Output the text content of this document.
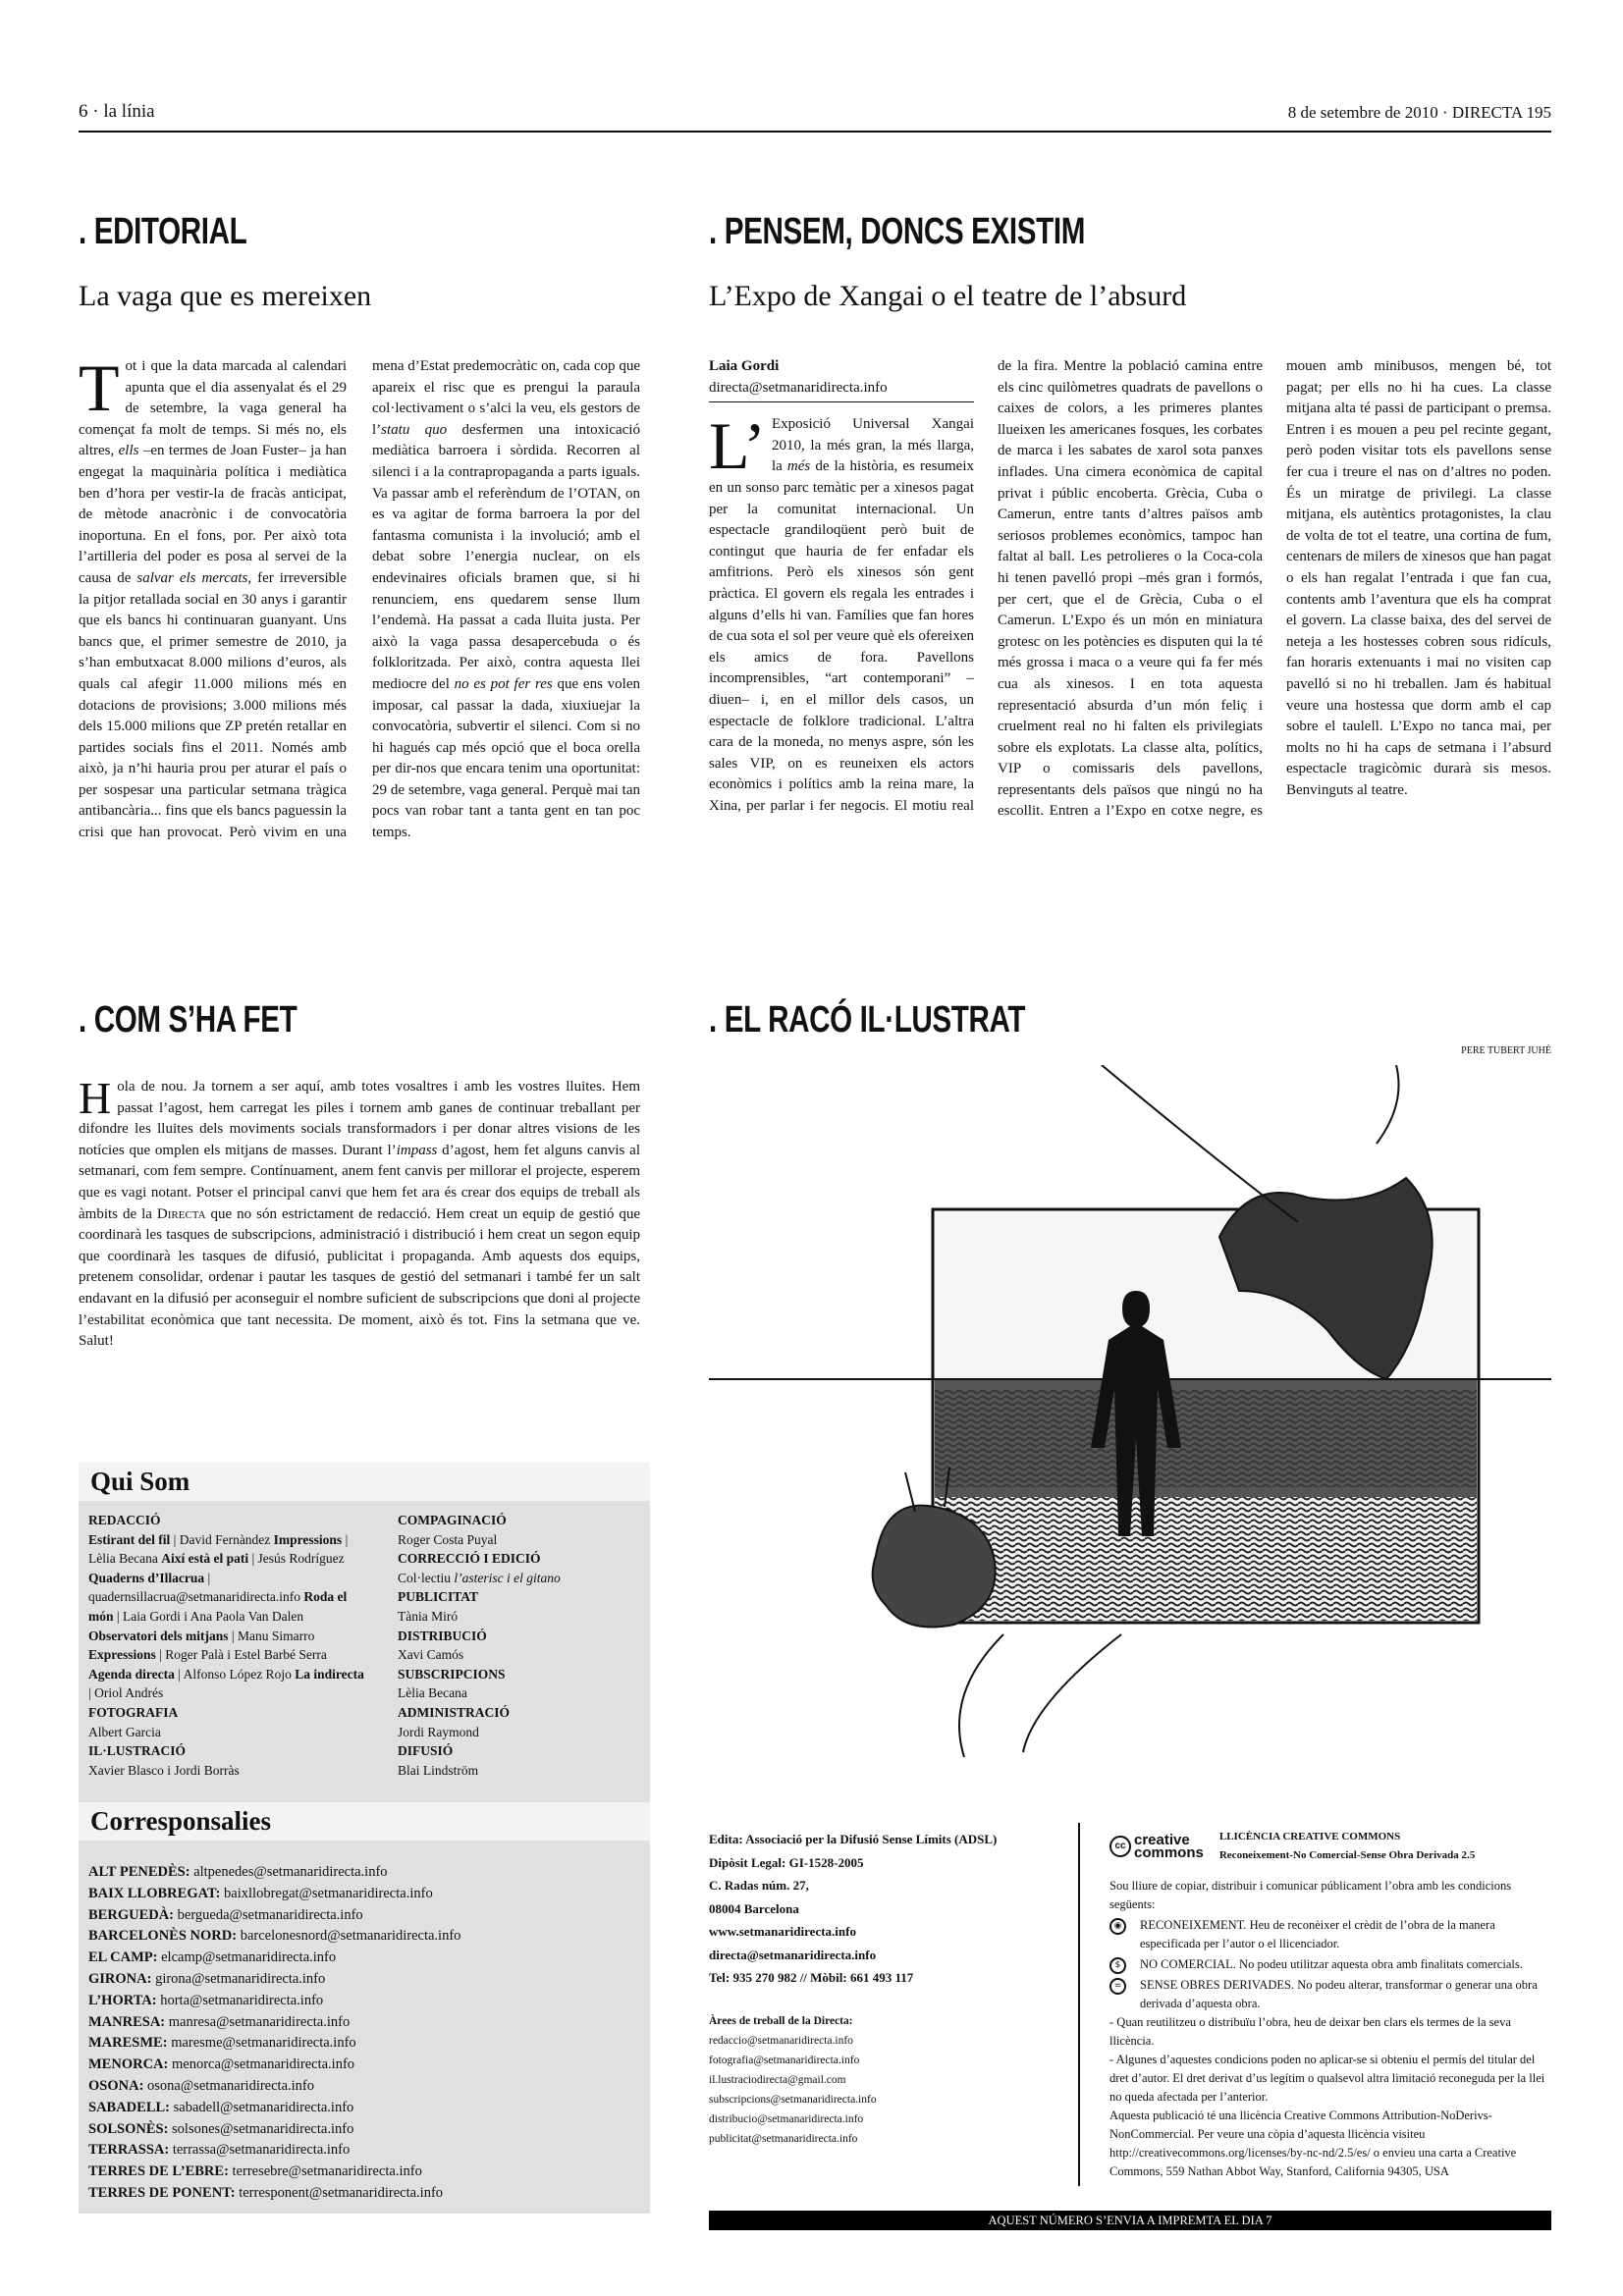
6 · la línia	8 de setembre de 2010 · DIRECTA 195
. EDITORIAL
La vaga que es mereixen
Tot i que la data marcada al calendari apunta que el dia assenyalat és el 29 de setembre, la vaga general ha començat fa molt de temps. Si més no, els altres, ells –en termes de Joan Fuster– ja han engegat la maquinària política i mediàtica ben d’hora per vestir-la de fracàs anticipat, de mètode anacrònic i de convocatòria inoportuna. En el fons, por. Per això tota l’artilleria del poder es posa al servei de la causa de salvar els mercats, fer irreversible la pitjor retallada social en 30 anys i garantir que els bancs hi continuaran guanyant. Uns bancs que, el primer semestre de 2010, ja s’han embutxacat 8.000 milions d’euros, als quals cal afegir 11.000 milions més en dotacions de provisions; 3.000 milions més dels 15.000 milions que ZP pretén retallar en partides socials fins el 2011. Només amb això, ja n’hi hauria prou per aturar el país o per sospesar una particular setmana tràgica antibancària... fins que els bancs paguessin la crisi que han provocat. Però vivim en una mena d’Estat predemocràtic on, cada cop que apareix el risc que es prengui la paraula col·lectivament o s’alci la veu, els gestors de l’statu quo desfermen una intoxicació mediàtica barroera i sòrdida. Recorren al silenci i a la contrapropaganda a parts iguals. Va passar amb el referèndum de l’OTAN, on es va agitar de forma barroera la por del fantasma comunista i la involució; amb el debat sobre l’energia nuclear, on els endevinaires oficials bramen que, si hi renunciem, ens quedarem sense llum l’endemà. Ha passat a cada lluita justa. Per això la vaga passa desapercebuda o és folkloritzada. Per això, contra aquesta llei mediocre del no es pot fer res que ens volen imposar, cal passar la dada, xiuxiuejar la convocatòria, subvertir el silenci. Com si no hi hagués cap més opció que el boca orella per dir-nos que encara tenim una oportunitat: 29 de setembre, vaga general. Perquè mai tan pocs van robar tant a tanta gent en tan poc temps.
. PENSEM, DONCS EXISTIM
L’Expo de Xangai o el teatre de l’absurd
Laia Gordi
directa@setmanaridirecta.info
L’ Exposició Universal Xangai 2010, la més gran, la més llarga, la més de la història, es resumeix en un sonso parc temàtic per a xinesos pagat per la comunitat internacional. Un espectacle grandiloqüent però buit de contingut que hauria de fer enfadar els amfitrions. Però els xinesos són gent pràctica. El govern els regala les entrades i alguns d’ells hi van. Famílies que fan hores de cua sota el sol per veure què els ofereixen els amics de fora. Pavellons incomprensibles, “art contemporani” –diuen– i, en el millor dels casos, un espectacle de folklore tradicional. L’altra cara de la moneda, no menys aspre, són les sales VIP, on es reuneixen els actors econòmics i polítics amb la reina mare, la Xina, per parlar i fer negocis. El motiu real de la fira. Mentre la població camina entre els cinc quilòmetres quadrats de pavellons o caixes de colors, a les primeres plantes llueixen les americanes fosques, les corbates de marca i les sabates de xarol sota panxes inflades. Una cimera econòmica de capital privat i públic encoberta. Grècia, Cuba o Camerun, entre tants d’altres països amb seriosos problemes econòmics, tampoc han faltat al ball. Les petrolieres o la Coca-cola hi tenen pavelló propi –més gran i formós, per cert, que el de Grècia, Cuba o el Camerun. L’Expo és un món en miniatura grotesc on les potències es disputen qui la té més grossa i maca o a veure qui fa fer més cua als xinesos. I en tota aquesta representació absurda d’un món feliç i cruelment real no hi falten els privilegiats sobre els explotats. La classe alta, polítics, VIP o comissaris dels pavellons, representants dels països que ningú no ha escollit. Entren a l’Expo en cotxe negre, es mouen amb minibusos, mengen bé, tot pagat; per ells no hi ha cues. La classe mitjana alta té passi de participant o premsa. Entren i es mouen a peu pel recinte gegant, però poden visitar tots els pavellons sense fer cua i treure el nas on d’altres no poden. És un miratge de privilegi. La classe mitjana, els autèntics protagonistes, la clau de volta de tot el teatre, una cortina de fum, centenars de milers de xinesos que han pagat o els han regalat l’entrada i que fan cua, contents amb l’aventura que els ha comprat el govern. La classe baixa, des del servei de neteja a les hostesses cobren sous ridículs, fan horaris extenuants i mai no visiten cap pavelló si no hi treballen. Jam és habitual veure una hostessa que dorm amb el cap sobre el taulell. L’Expo no tanca mai, per molts no hi ha caps de setmana i l’absurd espectacle tragicòmic durarà sis mesos. Benvinguts al teatre.
. COM S’HA FET
Hola de nou. Ja tornem a ser aquí, amb totes vosaltres i amb les vostres lluites. Hem passat l’agost, hem carregat les piles i tornem amb ganes de continuar treballant per difondre les lluites dels moviments socials transformadors i per donar altres visions de les notícies que omplen els mitjans de masses. Durant l’impass d’agost, hem fet alguns canvis al setmanari, com fem sempre. Contínuament, anem fent canvis per millorar el projecte, esperem que es vagi notant. Potser el principal canvi que hem fet ara és crear dos equips de treball als àmbits de la Directa que no són estrictament de redacció. Hem creat un equip de gestió que coordinarà les tasques de subscripcions, administració i distribució i hem creat un segon equip que coordinarà les tasques de difusió, publicitat i propaganda. Amb aquests dos equips, pretenem consolidar, ordenar i pautar les tasques de gestió del setmanari i també fer un salt endavant en la difusió per aconseguir el nombre suficient de subscripcions que doni al projecte l’estabilitat econòmica que tant necessita. De moment, això és tot. Fins la setmana que ve. Salut!
Qui Som
REDACCIÓ
Estirant del fil | David Fernàndez Impressions | Lèlia Becana Així està el pati | Jesús Rodríguez Quaderns d’Illacrua | quadernsillacrua@setmanaridirecta.info Roda el món | Laia Gordi i Ana Paola Van Dalen Observatori dels mitjans | Manu Simarro Expressions | Roger Palà i Estel Barbé Serra Agenda directa | Alfonso López Rojo La indirecta | Oriol Andrés
FOTOGRAFIA
Albert Garcia
IL·LUSTRACIÓ
Xavier Blasco i Jordi Borràs
COMPAGINACIÓ
Roger Costa Puyal
CORRECCIÓ I EDICIÓ
Col·lectiu l’asterisc i el gitano
PUBLICITAT
Tània Miró
DISTRIBUCIÓ
Xavi Camós
SUBSCRIPCIONS
Lèlia Becana
ADMINISTRACIÓ
Jordi Raymond
DIFUSIÓ
Blai Lindström
Corresponsalies
ALT PENEDÈS: altpenedes@setmanaridirecta.info
BAIX LLOBREGAT: baixllobregat@setmanaridirecta.info
BERGUEDÀ: bergueda@setmanaridirecta.info
BARCELONÈS NORD: barcelonesnord@setmanaridirecta.info
EL CAMP: elcamp@setmanaridirecta.info
GIRONA: girona@setmanaridirecta.info
L’HORTA: horta@setmanaridirecta.info
MANRESA: manresa@setmanaridirecta.info
MARESME: maresme@setmanaridirecta.info
MENORCA: menorca@setmanaridirecta.info
OSONA: osona@setmanaridirecta.info
SABADELL: sabadell@setmanaridirecta.info
SOLSONÈS: solsones@setmanaridirecta.info
TERRASSA: terrassa@setmanaridirecta.info
TERRES DE L’EBRE: terresebre@setmanaridirecta.info
TERRES DE PONENT: terresponent@setmanaridirecta.info
. EL RACÓ IL·LUSTRAT
PERE TUBERT JUHÉ
Edita: Associació per la Difusió Sense Límits (ADSL)
Dipòsit Legal: GI-1528-2005
C. Radas núm. 27,
08004 Barcelona
www.setmanaridirecta.info
directa@setmanaridirecta.info
Tel: 935 270 982 // Mòbil: 661 493 117
Àrees de treball de la Directa:
redaccio@setmanaridirecta.info
fotografia@setmanaridirecta.info
il.lustraciodirecta@gmail.com
subscripcions@setmanaridirecta.info
distribucio@setmanaridirecta.info
publicitat@setmanaridirecta.info
cc creative
commons
LLICÈNCIA CREATIVE COMMONS
Reconeixement-No Comercial-Sense Obra Derivada 2.5
Sou lliure de copiar, distribuir i comunicar públicament l’obra amb les condicions següents:
◉	RECONEIXEMENT. Heu de reconèixer el crèdit de l’obra de la manera especificada per l’autor o el llicenciador.
$	NO COMERCIAL. No podeu utilitzar aquesta obra amb finalitats comercials.
=	SENSE OBRES DERIVADES. No podeu alterar, transformar o generar una obra derivada d’aquesta obra.
- Quan reutilitzeu o distribuïu l’obra, heu de deixar ben clars els termes de la seva llicència.
- Algunes d’aquestes condicions poden no aplicar-se si obteniu el permís del titular del dret d’autor. El dret derivat d’us legítim o qualsevol altra limitació reconeguda per la llei no queda afectada per l’anterior.
Aquesta publicació té una llicència Creative Commons Attribution-NoDerivs- NonCommercial. Per veure una còpia d’aquesta llicència visiteu http://creativecommons.org/licenses/by-nc-nd/2.5/es/ o envieu una carta a Creative Commons, 559 Nathan Abbot Way, Stanford, California 94305, USA
AQUEST NÚMERO S’ENVIA A IMPREMTA EL DIA 7
